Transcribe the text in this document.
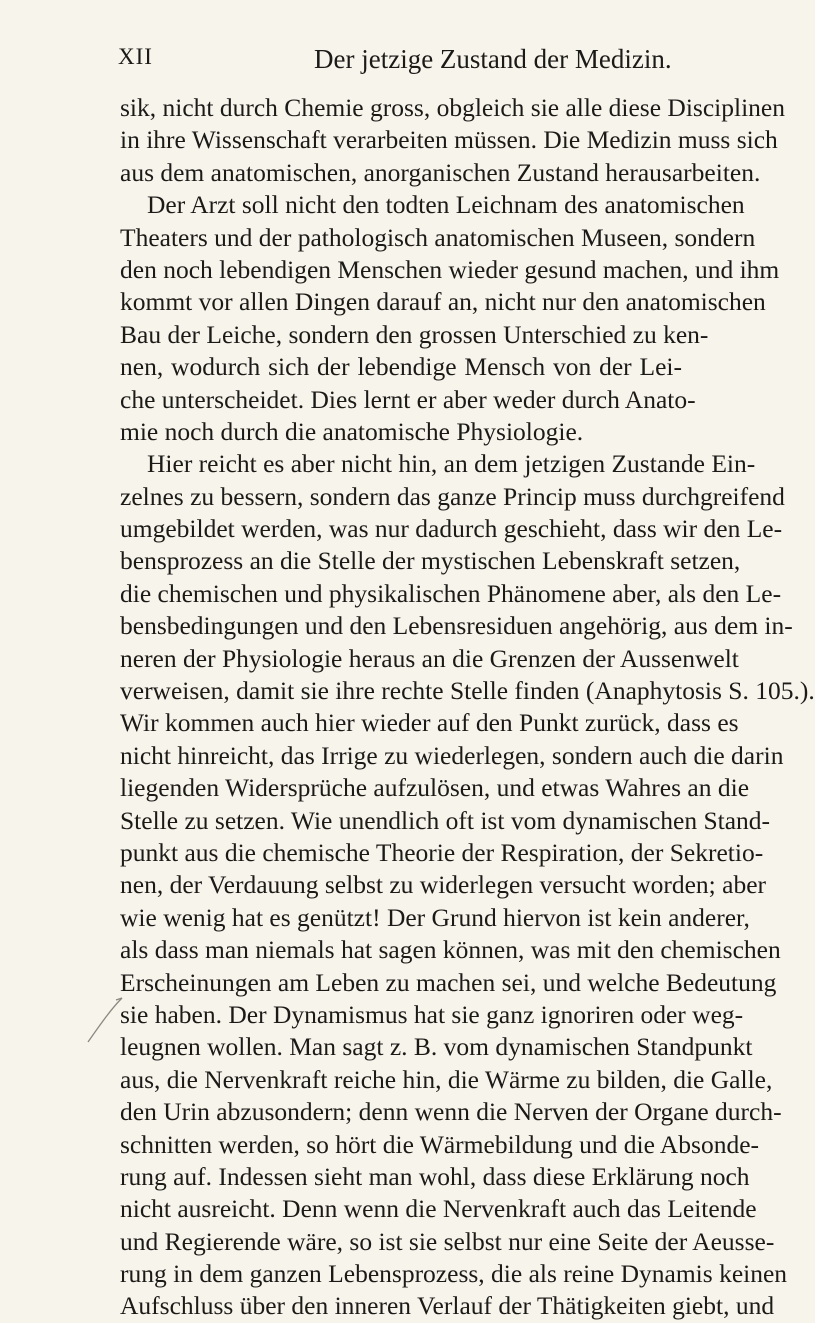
XII	Der jetzige Zustand der Medizin.
sik, nicht durch Chemie gross, obgleich sie alle diese Disciplinen
in ihre Wissenschaft verarbeiten müssen. Die Medizin muss sich
aus dem anatomischen, anorganischen Zustand herausarbeiten.
Der Arzt soll nicht den todten Leichnam des anatomischen
Theaters und der pathologisch anatomischen Museen, sondern
den noch lebendigen Menschen wieder gesund machen, und ihm
kommt vor allen Dingen darauf an, nicht nur den anatomischen
Bau der Leiche, sondern den grossen Unterschied zu ken-
nen, wodurch sich der lebendige Mensch von der Lei-
che unterscheidet. Dies lernt er aber weder durch Anato-
mie noch durch die anatomische Physiologie.
Hier reicht es aber nicht hin, an dem jetzigen Zustande Ein-
zelnes zu bessern, sondern das ganze Princip muss durchgreifend
umgebildet werden, was nur dadurch geschieht, dass wir den Le-
bensprozess an die Stelle der mystischen Lebenskraft setzen,
die chemischen und physikalischen Phänomene aber, als den Le-
bensbedingungen und den Lebensresiduen angehörig, aus dem in-
neren der Physiologie heraus an die Grenzen der Aussenwelt
verweisen, damit sie ihre rechte Stelle finden (Anaphytosis S. 105.).
Wir kommen auch hier wieder auf den Punkt zurück, dass es
nicht hinreicht, das Irrige zu wiederlegen, sondern auch die darin
liegenden Widersprüche aufzulösen, und etwas Wahres an die
Stelle zu setzen. Wie unendlich oft ist vom dynamischen Stand-
punkt aus die chemische Theorie der Respiration, der Sekretio-
nen, der Verdauung selbst zu widerlegen versucht worden; aber
wie wenig hat es genützt! Der Grund hiervon ist kein anderer,
als dass man niemals hat sagen können, was mit den chemischen
Erscheinungen am Leben zu machen sei, und welche Bedeutung
sie haben. Der Dynamismus hat sie ganz ignoriren oder weg-
leugnen wollen. Man sagt z. B. vom dynamischen Standpunkt
aus, die Nervenkraft reiche hin, die Wärme zu bilden, die Galle,
den Urin abzusondern; denn wenn die Nerven der Organe durch-
schnitten werden, so hört die Wärmebildung und die Absonde-
rung auf. Indessen sieht man wohl, dass diese Erklärung noch
nicht ausreicht. Denn wenn die Nervenkraft auch das Leitende
und Regierende wäre, so ist sie selbst nur eine Seite der Aeusse-
rung in dem ganzen Lebensprozess, die als reine Dynamis keinen
Aufschluss über den inneren Verlauf der Thätigkeiten giebt, und
